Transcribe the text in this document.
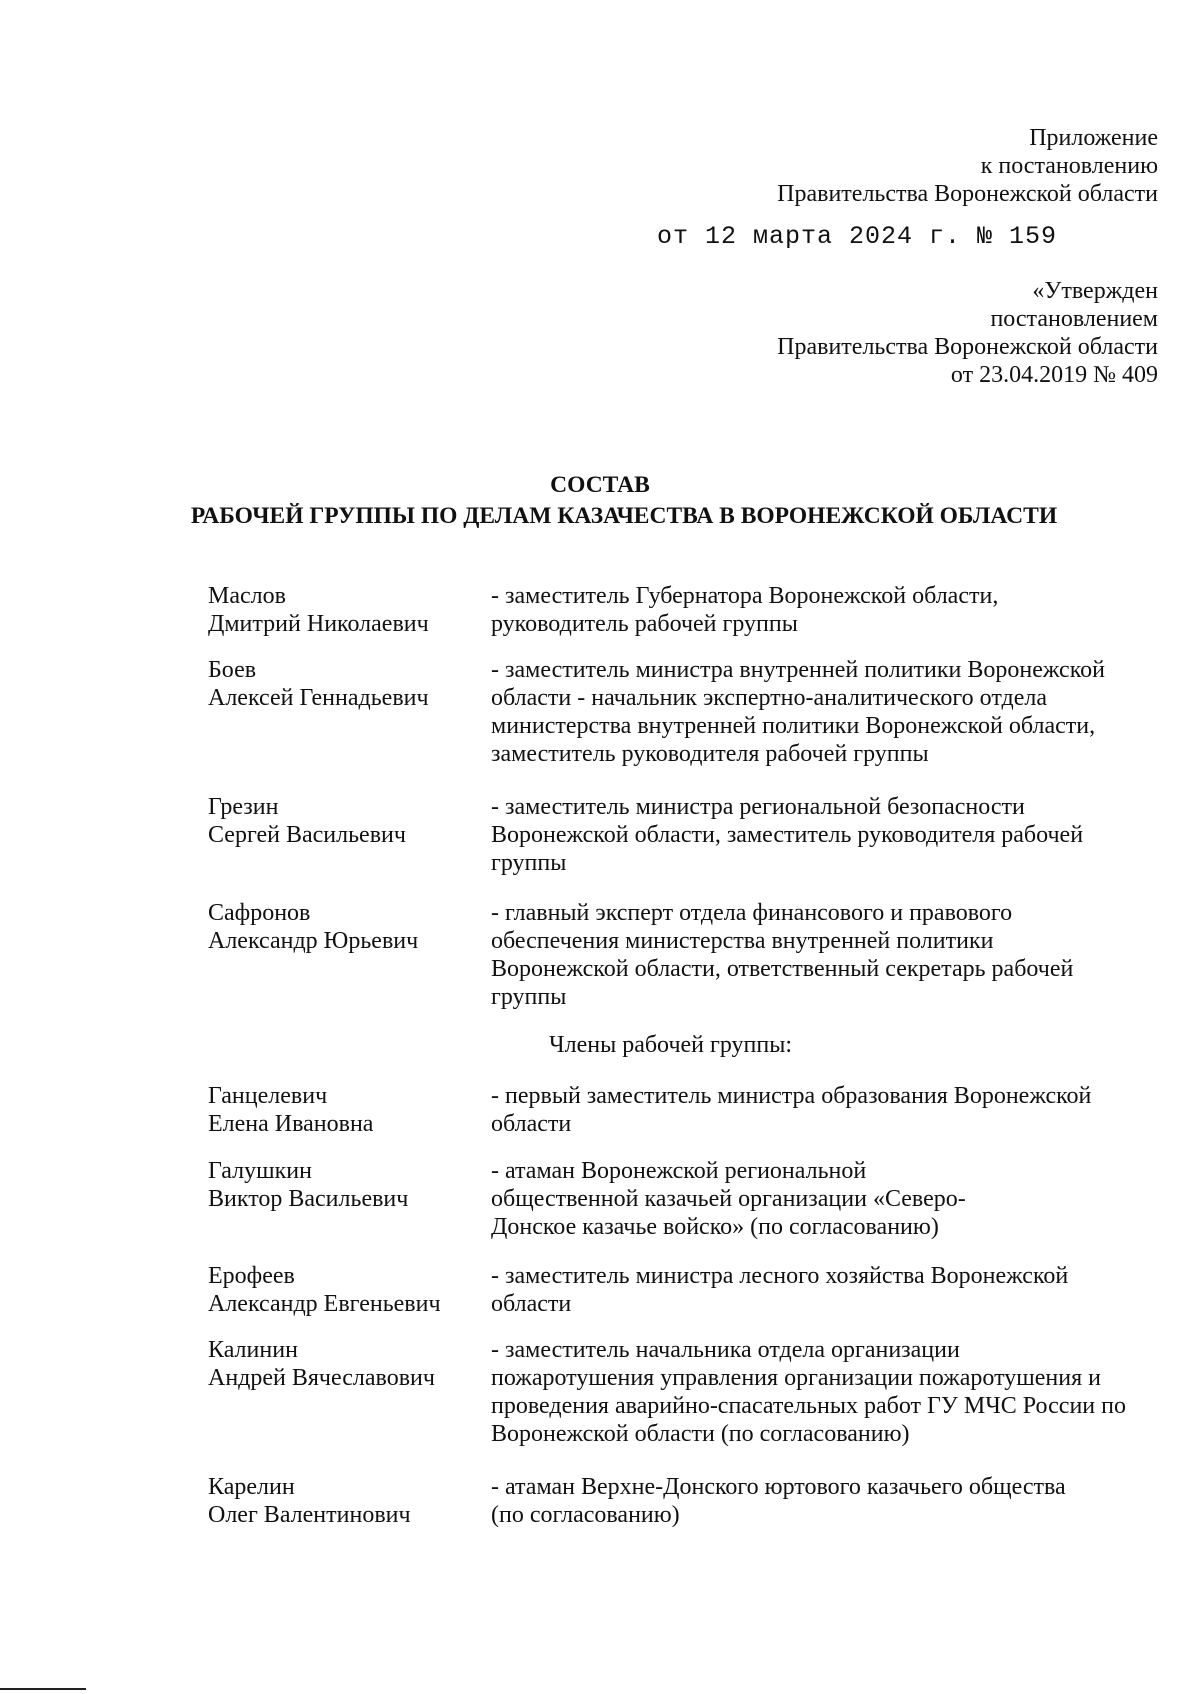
Приложение
к постановлению
Правительства Воронежской области
от 12 марта 2024 г. № 159
«Утвержден
постановлением
Правительства Воронежской области
от 23.04.2019 № 409
СОСТАВ
РАБОЧЕЙ ГРУППЫ ПО ДЕЛАМ КАЗАЧЕСТВА В ВОРОНЕЖСКОЙ ОБЛАСТИ
Маслов
Дмитрий Николаевич
- заместитель Губернатора Воронежской области, руководитель рабочей группы
Боев
Алексей Геннадьевич
- заместитель министра внутренней политики Воронежской области - начальник экспертно-аналитического отдела министерства внутренней политики Воронежской области, заместитель руководителя рабочей группы
Грезин
Сергей Васильевич
- заместитель министра региональной безопасности Воронежской области, заместитель руководителя рабочей группы
Сафронов
Александр Юрьевич
- главный эксперт отдела финансового и правового обеспечения министерства внутренней политики Воронежской области, ответственный секретарь рабочей группы
Члены рабочей группы:
Ганцелевич
Елена Ивановна
- первый заместитель министра образования Воронежской области
Галушкин
Виктор Васильевич
- атаман Воронежской региональной общественной казачьей организации «Северо-Донское казачье войско» (по согласованию)
Ерофеев
Александр Евгеньевич
- заместитель министра лесного хозяйства Воронежской области
Калинин
Андрей Вячеславович
- заместитель начальника отдела организации пожаротушения управления организации пожаротушения и проведения аварийно-спасательных работ ГУ МЧС России по Воронежской области (по согласованию)
Карелин
Олег Валентинович
- атаман Верхне-Донского юртового казачьего общества (по согласованию)
